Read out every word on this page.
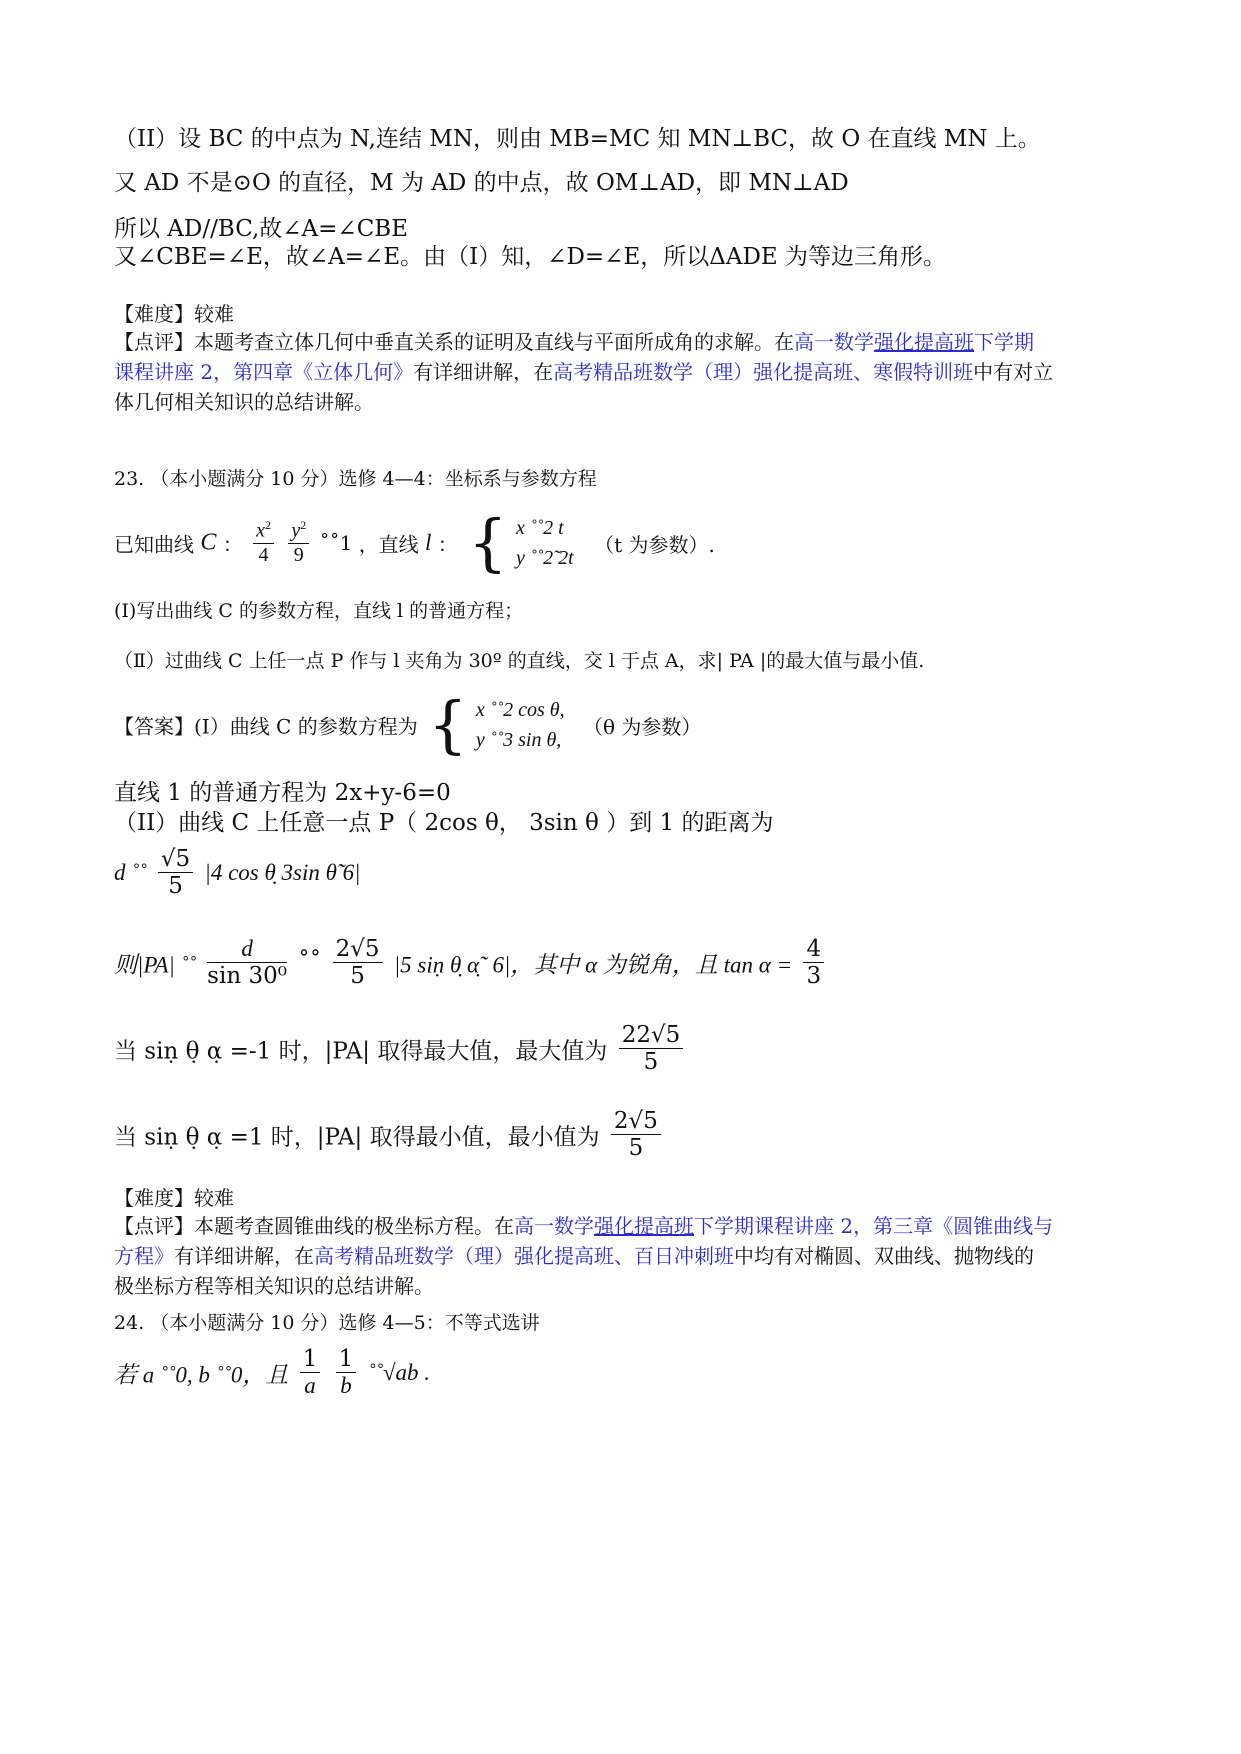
（II）设 BC 的中点为 N,连结 MN，则由 MB=MC 知 MN⊥BC，故 O 在直线 MN 上。
又 AD 不是⊙O 的直径，M 为 AD 的中点，故 OM⊥AD，即 MN⊥AD
所以 AD//BC,故∠A=∠CBE
又∠CBE=∠E，故∠A=∠E。由（I）知，∠D=∠E，所以ΔADE 为等边三角形。
【难度】较难
【点评】本题考查立体几何中垂直关系的证明及直线与平面所成角的求解。在高一数学强化提高班下学期
课程讲座 2，第四章《立体几何》有详细讲解，在高考精品班数学（理）强化提高班、寒假特训班中有对立
体几何相关知识的总结讲解。
23. （本小题满分 10 分）选修 4—4：坐标系与参数方程
已知曲线 C ： $\frac{x^2}{4}$
$\frac{y^2}{9}$ ˚˚1 ，直线 l ： { x ˚˚2 t
y ˚˚2̃ 2t
（t 为参数）.
(Ⅰ)写出曲线 C 的参数方程，直线 l 的普通方程；
（Ⅱ）过曲线 C 上任一点 P 作与 l 夹角为 30º 的直线，交 l 于点 A，求| PA |的最大值与最小值.
【答案】(I）曲线 C 的参数方程为 { x ˚˚2 cos θ,
y ˚˚3 sin θ,
（θ 为参数）
直线 1 的普通方程为 2x+y-6=0
（II）曲线 C 上任意一点 P（ 2cos θ， 3sin θ ）到 1 的距离为
d ˚˚ $\frac{√5}{5} |4$ cos θ̣ 3sin θ̃ 6|
则|PA| ˚˚ $\frac{d}{\text{sin 30⁰}}$ ˚˚ $\frac{2√5}{5} |5$ siṇ θ̣ α̣˜ 6|，其中 α 为锐角，且 $\tan \alpha = \frac{4}{3}$
当 siṇ θ̣ α̣ =-1 时，|PA| 取得最大值，最大值为 $\frac{22√5}{5}$
当 siṇ θ̣ α̣ =1 时，|PA| 取得最小值，最小值为 $\frac{2√5}{5}$
【难度】较难
【点评】本题考查圆锥曲线的极坐标方程。在高一数学强化提高班下学期课程讲座 2，第三章《圆锥曲线与
方程》有详细讲解，在高考精品班数学（理）强化提高班、百日冲刺班中均有对椭圆、双曲线、抛物线的
极坐标方程等相关知识的总结讲解。
24. （本小题满分 10 分）选修 4—5：不等式选讲
若 a ˚˚0, b ˚˚0，且 $\frac{1}{a}$
$\frac{1}{b}$ ˚˚√ab .
